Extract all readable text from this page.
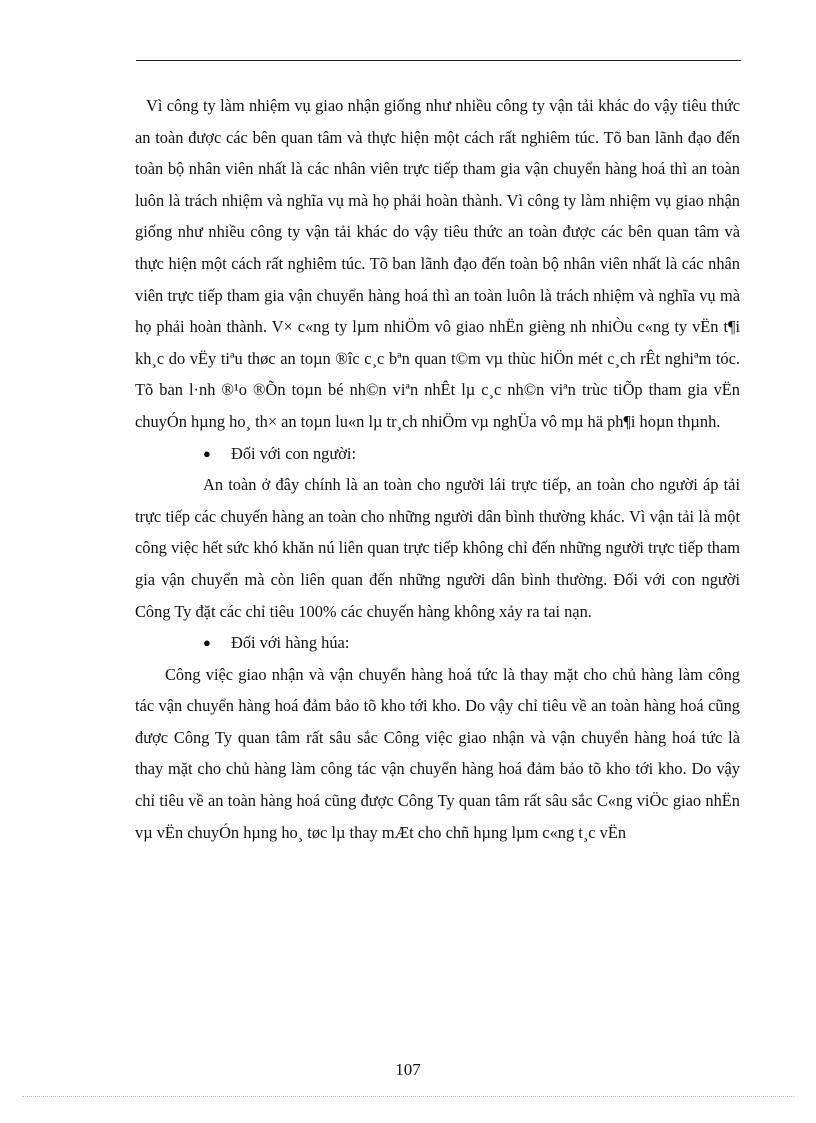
Vì công ty làm nhiệm vụ giao nhận giống như nhiều công ty vận tải khác do vậy tiêu thức an toàn được các bên quan tâm và thực hiện một cách rất nghiêm túc. Tõ ban lãnh đạo đến toàn bộ nhân viên nhất là các nhân viên trực tiếp tham gia vận chuyển hàng hoá thì an toàn luôn là trách nhiệm và nghĩa vụ mà họ phải hoàn thành. Vì công ty làm nhiệm vụ giao nhận giống như nhiều công ty vận tải khác do vậy tiêu thức an toàn được các bên quan tâm và thực hiện một cách rất nghiêm túc. Tõ ban lãnh đạo đến toàn bộ nhân viên nhất là các nhân viên trực tiếp tham gia vận chuyển hàng hoá thì an toàn luôn là trách nhiệm và nghĩa vụ mà họ phải hoàn thành. V× c«ng ty lµm nhiÖm vô giao nhËn gièng nh nhiÒu c«ng ty vËn t¶i kh¸c do vËy tiªu thøc an toµn ®îc c¸c bªn quan t©m vµ thùc hiÖn mét c¸ch rÊt nghiªm tóc. Tõ ban l·nh ®¹o ®Õn toµn bé nh©n viªn nhÊt lµ c¸c nh©n viªn trùc tiÕp tham gia vËn chuyÓn hµng ho¸ th× an toµn lu«n lµ tr¸ch nhiÖm vµ nghÜa vô mµ hä ph¶i hoµn thµnh.

● Đối với con người:

An toàn ở đây chính là an toàn cho người lái trực tiếp, an toàn cho người áp tải trực tiếp các chuyến hàng an toàn cho những người dân bình thường khác. Vì vận tải là một công việc hết sức khó khăn nú liên quan trực tiếp không chỉ đến những người trực tiếp tham gia vận chuyển mà còn liên quan đến những người dân bình thường. Đối với con người Công Ty đặt các chỉ tiêu 100% các chuyến hàng không xảy ra tai nạn.

● Đối với hàng húa:

Công việc giao nhận và vận chuyển hàng hoá tức là thay mặt cho chủ hàng làm công tác vận chuyển hàng hoá đảm bảo tõ kho tới kho. Do vậy chỉ tiêu về an toàn hàng hoá cũng được Công Ty quan tâm rất sâu sắc Công việc giao nhận và vận chuyển hàng hoá tức là thay mặt cho chủ hàng làm công tác vận chuyển hàng hoá đảm bảo tõ kho tới kho. Do vậy chỉ tiêu về an toàn hàng hoá cũng được Công Ty quan tâm rất sâu sắc C«ng viÖc giao nhËn vµ vËn chuyÓn hµng ho¸ tøc lµ thay mÆt cho chñ hµng lµm c«ng t¸c vËn

107
